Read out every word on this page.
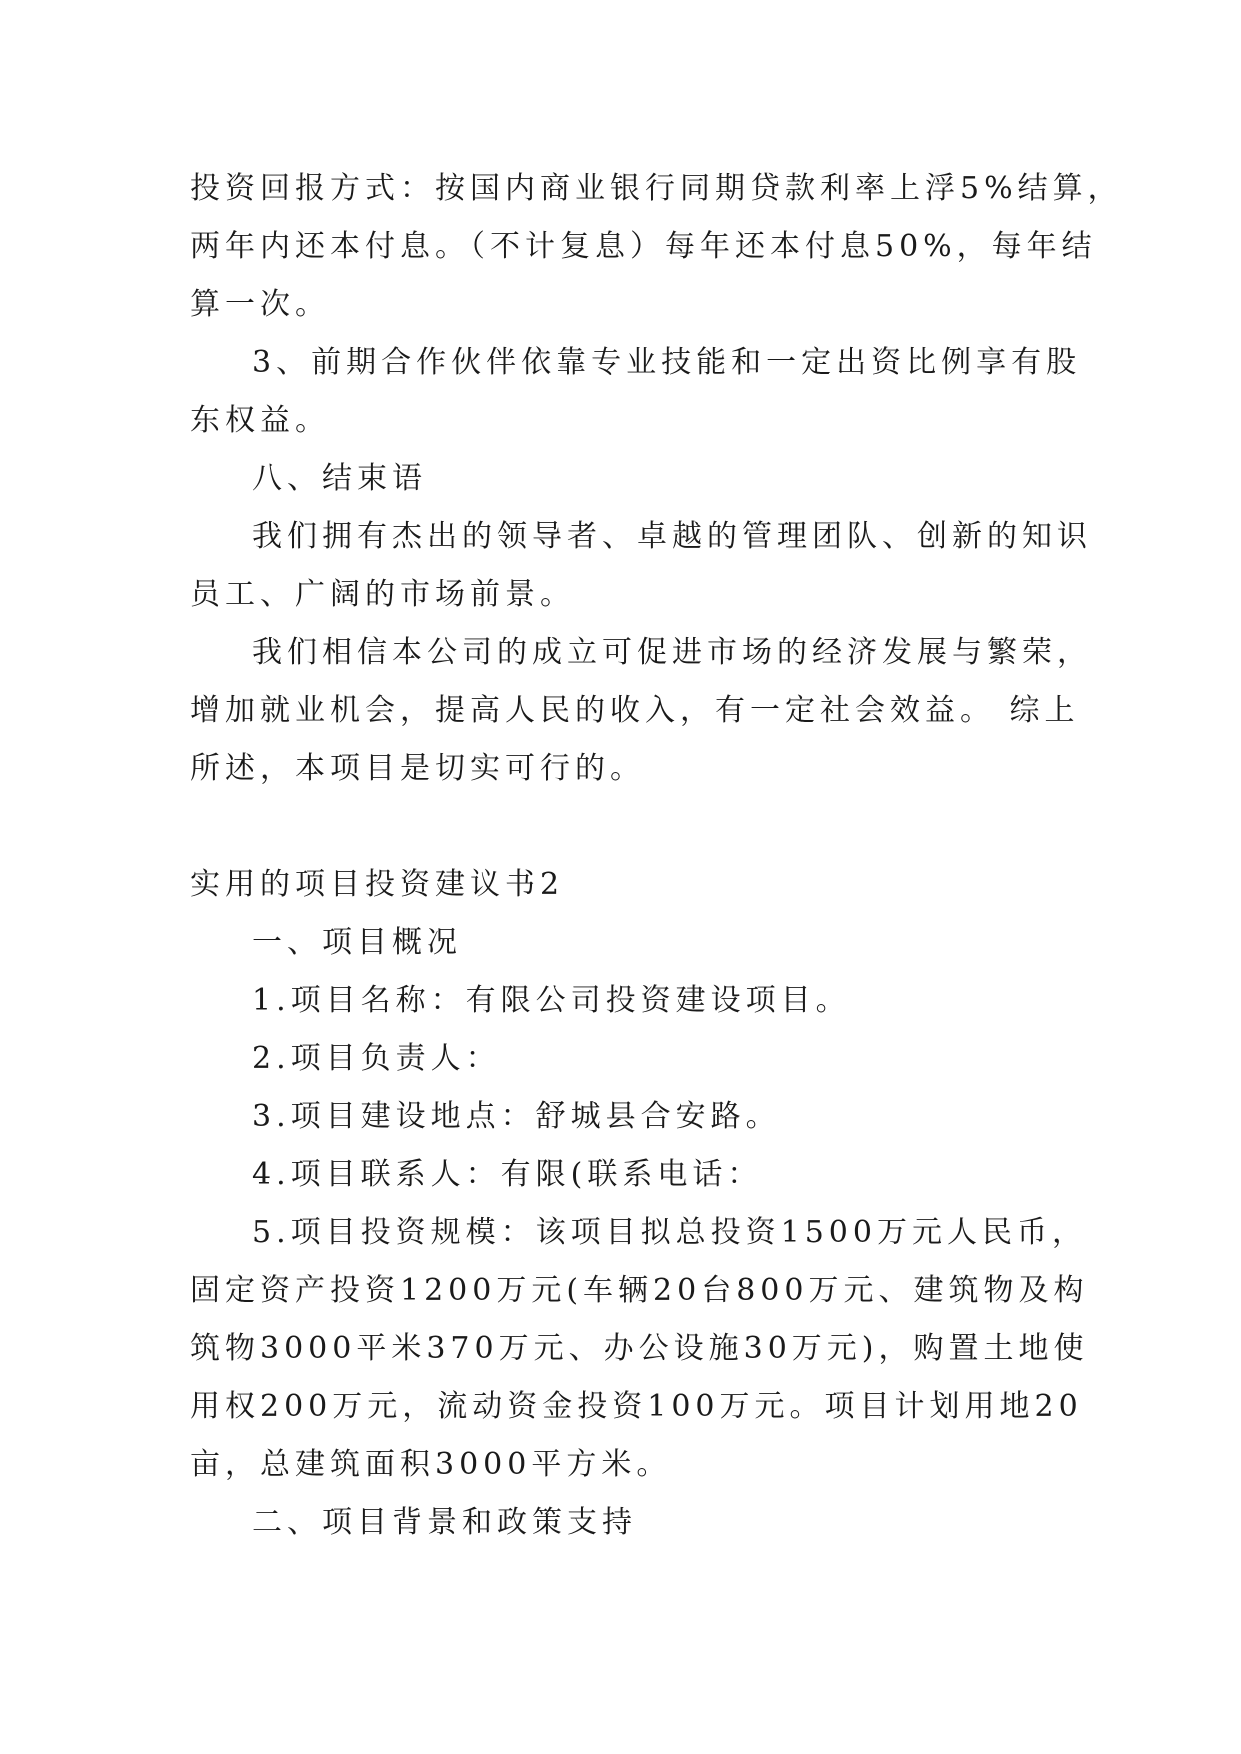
投资回报方式：按国内商业银行同期贷款利率上浮5%结算，
两年内还本付息。（不计复息）每年还本付息50%，每年结
算一次。
3、前期合作伙伴依靠专业技能和一定出资比例享有股
东权益。
八、结束语
我们拥有杰出的领导者、卓越的管理团队、创新的知识
员工、广阔的市场前景。
我们相信本公司的成立可促进市场的经济发展与繁荣，
增加就业机会，提高人民的收入，有一定社会效益。 综上
所述，本项目是切实可行的。
实用的项目投资建议书2
一、项目概况
1.项目名称：有限公司投资建设项目。
2.项目负责人：
3.项目建设地点：舒城县合安路。
4.项目联系人：有限(联系电话：
5.项目投资规模：该项目拟总投资1500万元人民币，
固定资产投资1200万元(车辆20台800万元、建筑物及构
筑物3000平米370万元、办公设施30万元)，购置土地使
用权200万元，流动资金投资100万元。项目计划用地20
亩，总建筑面积3000平方米。
二、项目背景和政策支持
